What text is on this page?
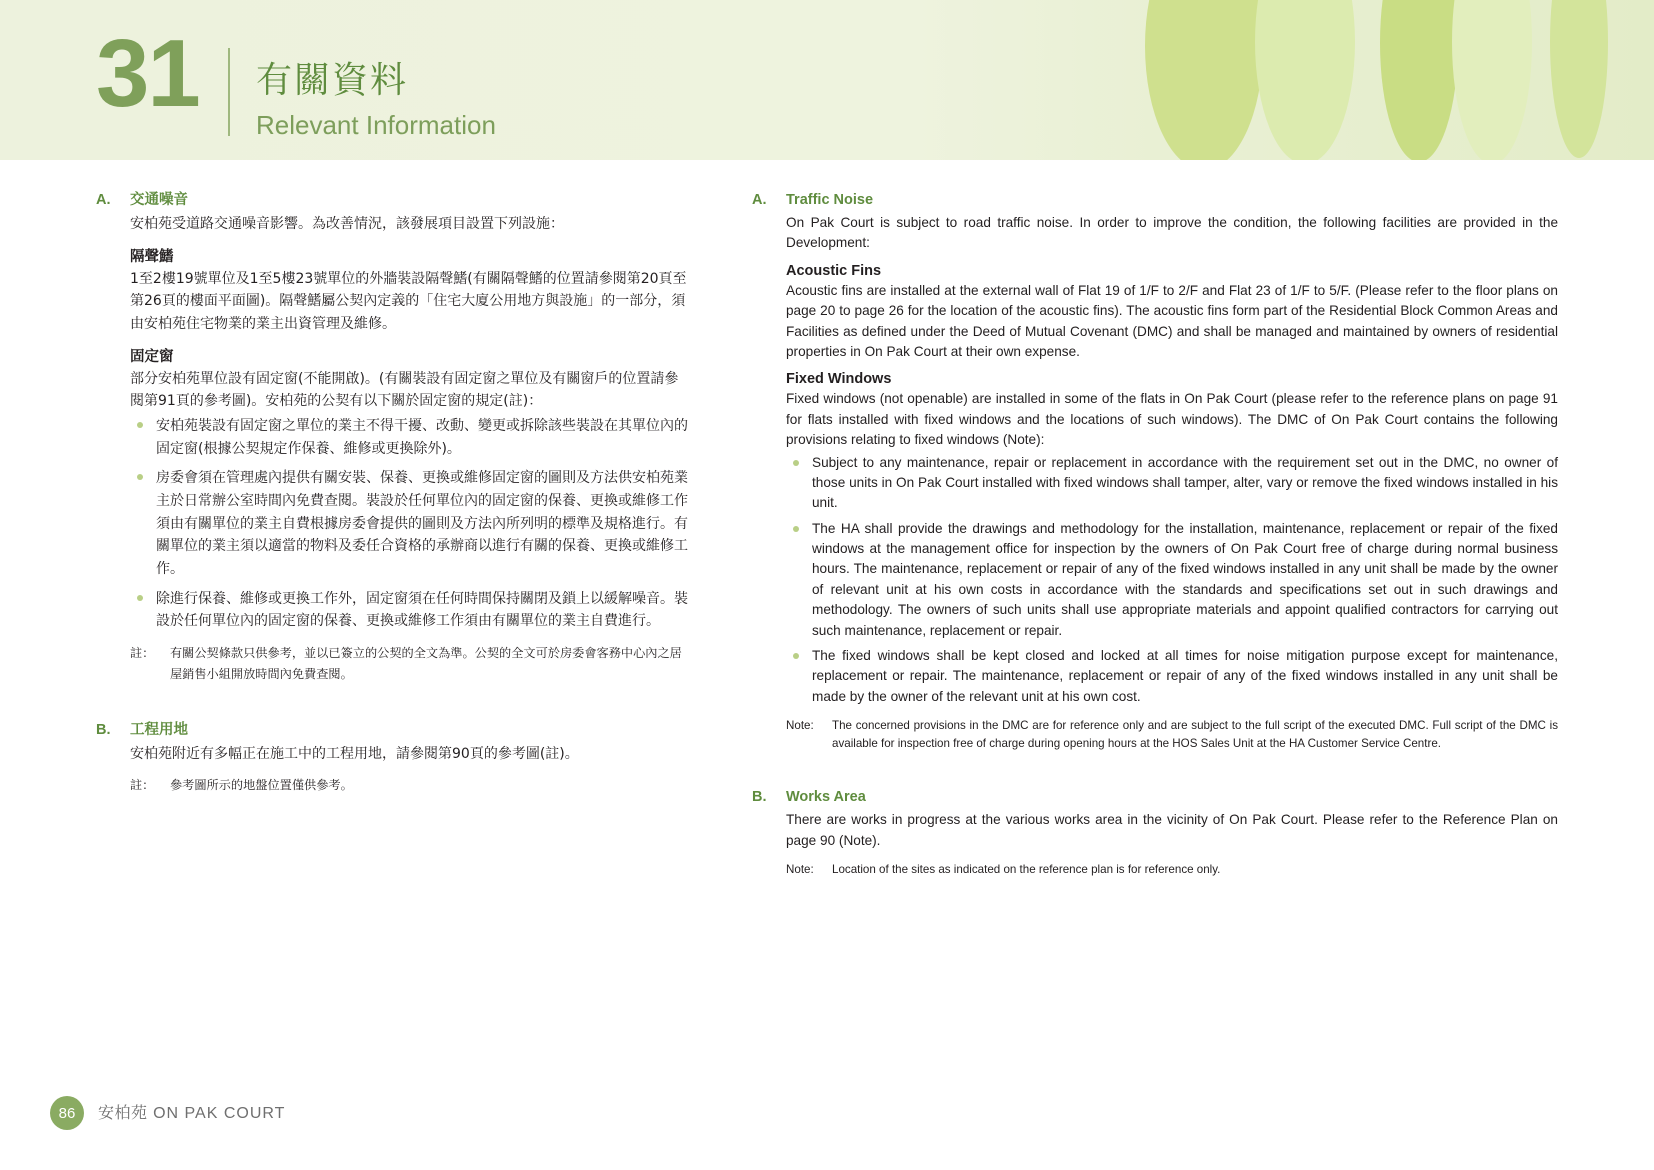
31 有關資料
Relevant Information
A.	交通噪音

安柏苑受道路交通噪音影響。為改善情況，該發展項目設置下列設施：

隔聲鰭

1至2樓19號單位及1至5樓23號單位的外牆裝設隔聲鰭(有關隔聲鰭的位置請參閱第20頁至第26頁的樓面平面圖)。隔聲鰭屬公契內定義的「住宅大廈公用地方與設施」的一部分，須由安柏苑住宅物業的業主出資管理及維修。

固定窗

部分安柏苑單位設有固定窗(不能開啟)。(有關裝設有固定窗之單位及有關窗戶的位置請參閱第91頁的參考圖)。安柏苑的公契有以下關於固定窗的規定(註)：

安柏苑裝設有固定窗之單位的業主不得干擾、改動、變更或拆除該些裝設在其單位內的固定窗(根據公契規定作保養、維修或更換除外)。
房委會須在管理處內提供有關安裝、保養、更換或維修固定窗的圖則及方法供安柏苑業主於日常辦公室時間內免費查閱。裝設於任何單位內的固定窗的保養、更換或維修工作須由有關單位的業主自費根據房委會提供的圖則及方法內所列明的標準及規格進行。有關單位的業主須以適當的物料及委任合資格的承辦商以進行有關的保養、更換或維修工作。
除進行保養、維修或更換工作外，固定窗須在任何時間保持關閉及鎖上以緩解噪音。裝設於任何單位內的固定窗的保養、更換或維修工作須由有關單位的業主自費進行。
註：	有關公契條款只供參考，並以已簽立的公契的全文為準。公契的全文可於房委會客務中心內之居屋銷售小組開放時間內免費查閱。
B.	工程用地

安柏苑附近有多幅正在施工中的工程用地，請參閱第90頁的參考圖(註)。

註：	參考圖所示的地盤位置僅供參考。
A.	Traffic Noise

On Pak Court is subject to road traffic noise. In order to improve the condition, the following facilities are provided in the Development:

Acoustic Fins

Acoustic fins are installed at the external wall of Flat 19 of 1/F to 2/F and Flat 23 of 1/F to 5/F. (Please refer to the floor plans on page 20 to page 26 for the location of the acoustic fins). The acoustic fins form part of the Residential Block Common Areas and Facilities as defined under the Deed of Mutual Covenant (DMC) and shall be managed and maintained by owners of residential properties in On Pak Court at their own expense.

Fixed Windows

Fixed windows (not openable) are installed in some of the flats in On Pak Court (please refer to the reference plans on page 91 for flats installed with fixed windows and the locations of such windows). The DMC of On Pak Court contains the following provisions relating to fixed windows (Note):

Subject to any maintenance, repair or replacement in accordance with the requirement set out in the DMC, no owner of those units in On Pak Court installed with fixed windows shall tamper, alter, vary or remove the fixed windows installed in his unit.
The HA shall provide the drawings and methodology for the installation, maintenance, replacement or repair of the fixed windows at the management office for inspection by the owners of On Pak Court free of charge during normal business hours. The maintenance, replacement or repair of any of the fixed windows installed in any unit shall be made by the owner of relevant unit at his own costs in accordance with the standards and specifications set out in such drawings and methodology. The owners of such units shall use appropriate materials and appoint qualified contractors for carrying out such maintenance, replacement or repair.
The fixed windows shall be kept closed and locked at all times for noise mitigation purpose except for maintenance, replacement or repair. The maintenance, replacement or repair of any of the fixed windows installed in any unit shall be made by the owner of the relevant unit at his own cost.
Note:	The concerned provisions in the DMC are for reference only and are subject to the full script of the executed DMC. Full script of the DMC is available for inspection free of charge during opening hours at the HOS Sales Unit at the HA Customer Service Centre.
B.	Works Area

There are works in progress at the various works area in the vicinity of On Pak Court. Please refer to the Reference Plan on page 90 (Note).

Note:	Location of the sites as indicated on the reference plan is for reference only.
86	安柏苑 ON PAK COURT
